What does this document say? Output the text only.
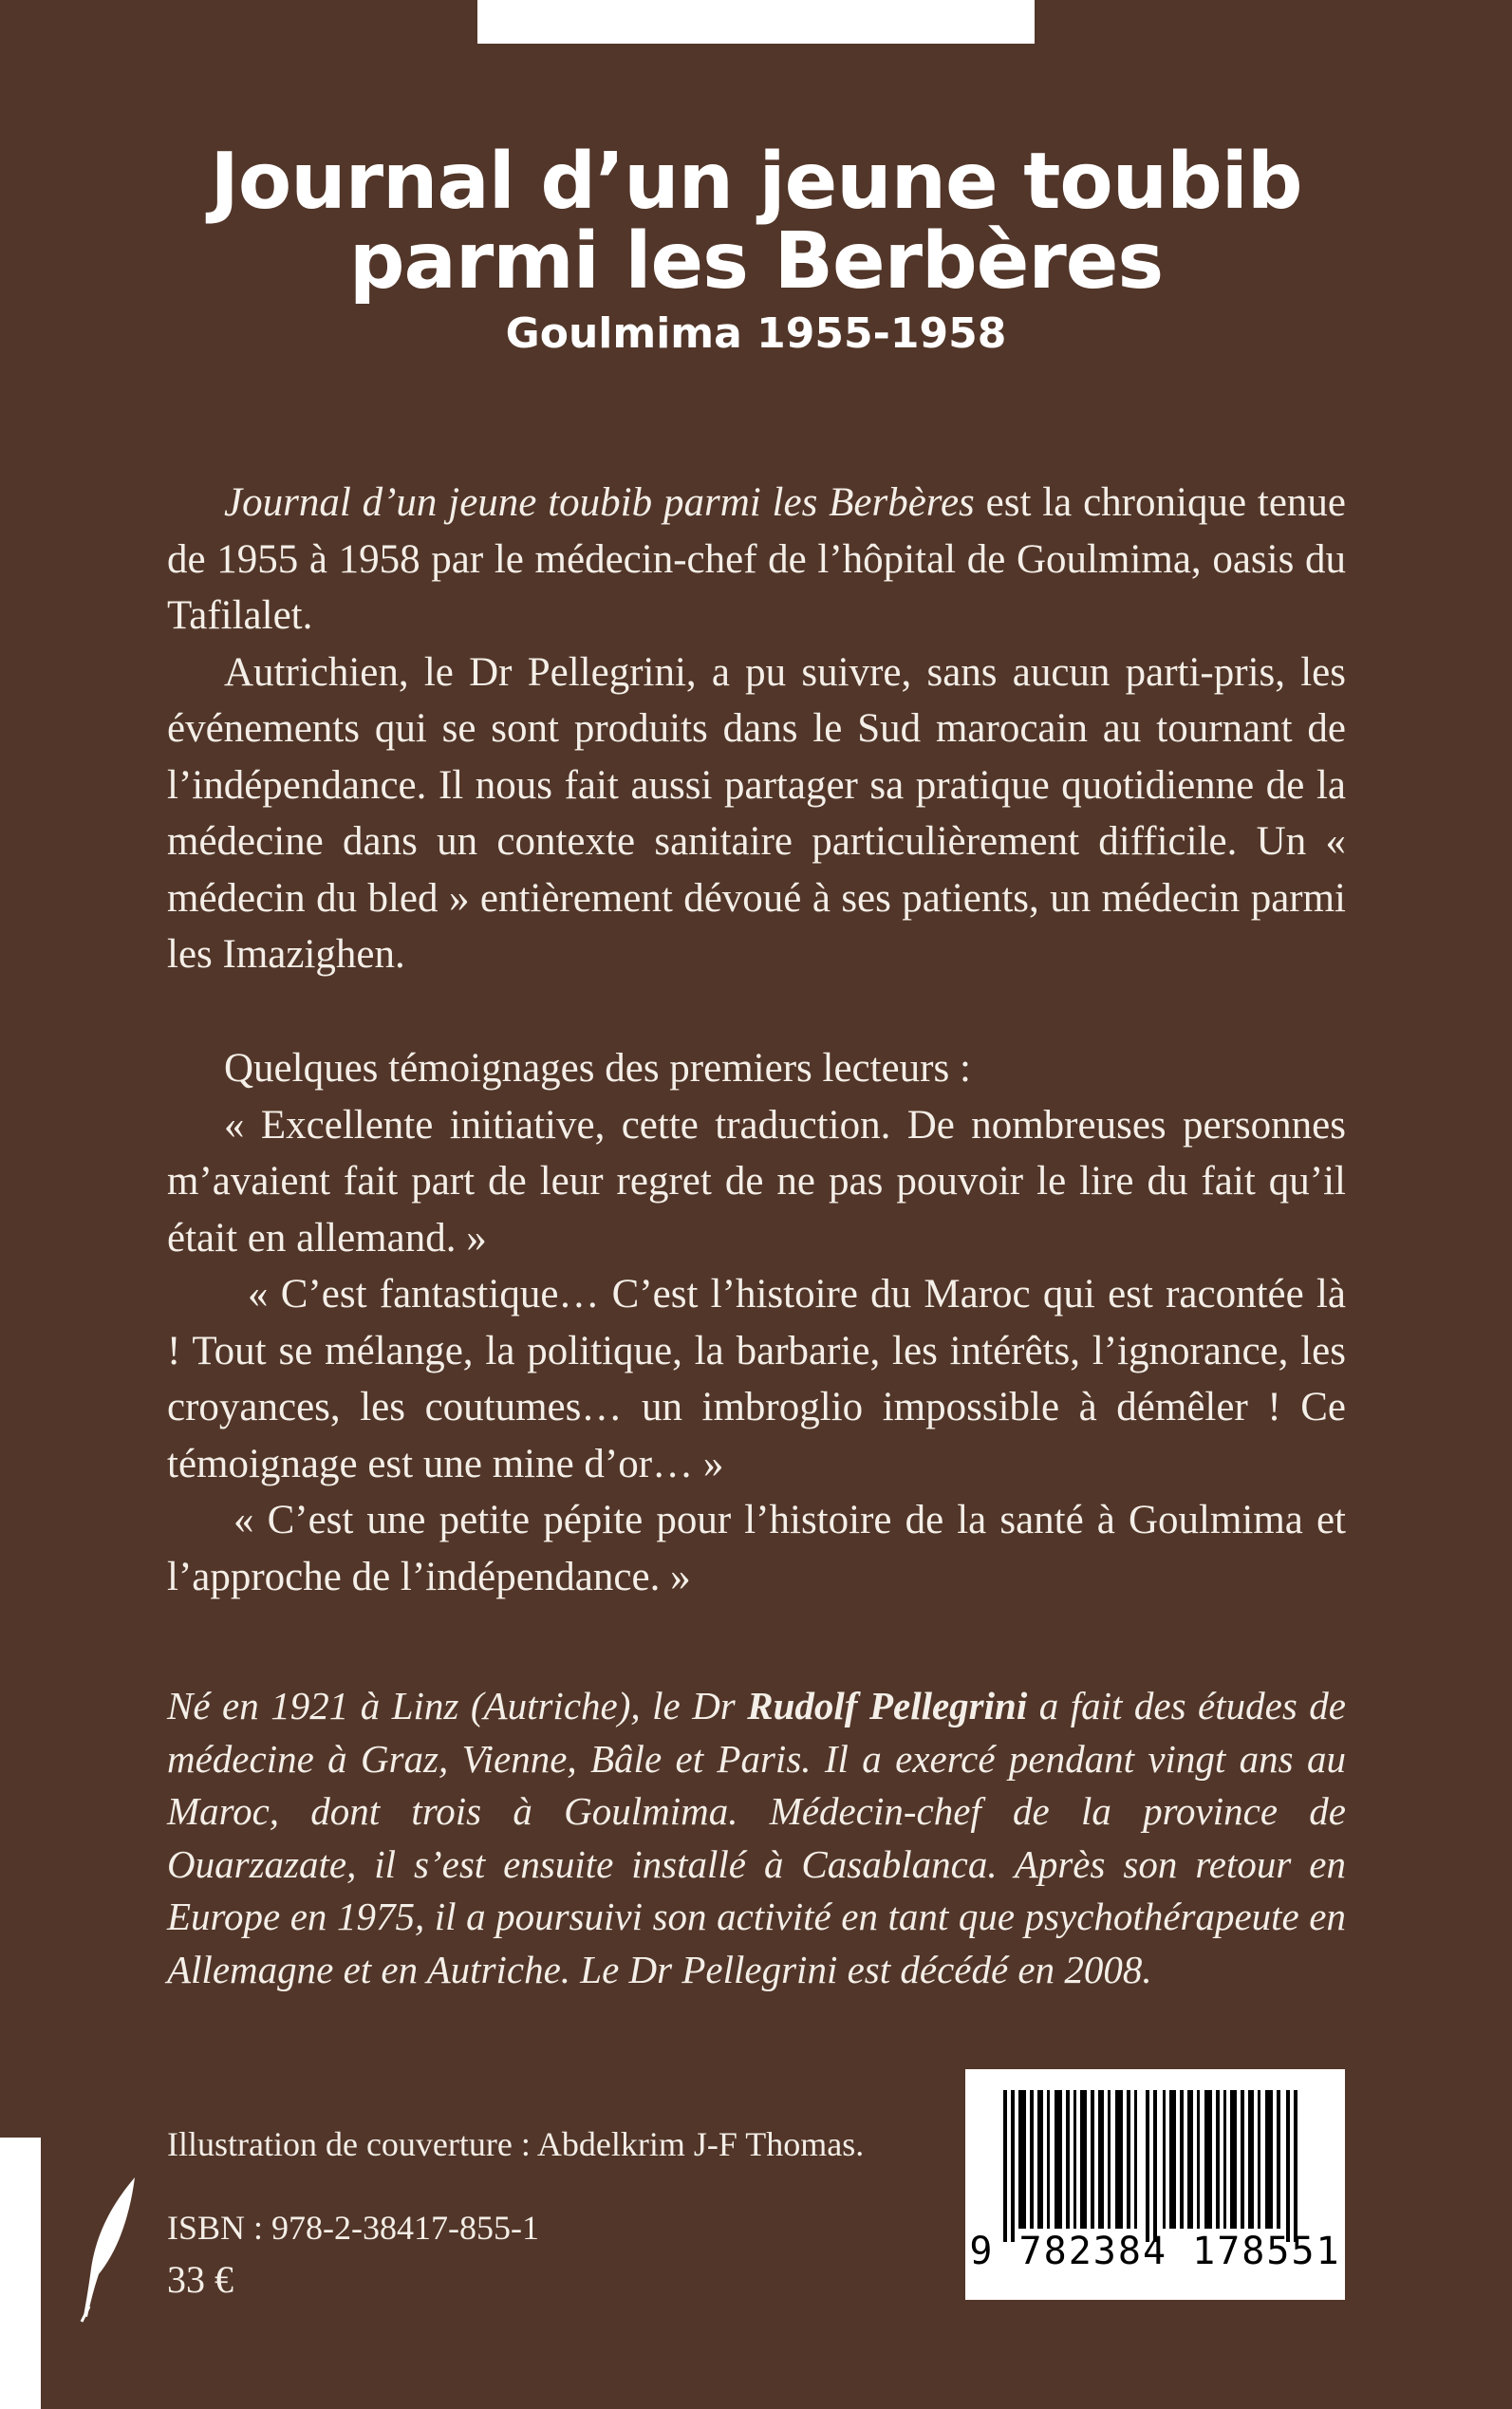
Journal d’un jeune toubib
parmi les Berbères
Goulmima 1955-1958

Journal d’un jeune toubib parmi les Berbères est la chronique tenue de 1955 à 1958 par le médecin-chef de l’hôpital de Goulmima, oasis du Tafilalet.

Autrichien, le Dr Pellegrini, a pu suivre, sans aucun parti-pris, les événements qui se sont produits dans le Sud marocain au tournant de l’indépendance. Il nous fait aussi partager sa pratique quotidienne de la médecine dans un contexte sanitaire particulièrement difficile. Un « médecin du bled » entièrement dévoué à ses patients, un médecin parmi les Imazighen.

Quelques témoignages des premiers lecteurs :

« Excellente initiative, cette traduction. De nombreuses personnes m’avaient fait part de leur regret de ne pas pouvoir le lire du fait qu’il était en allemand. »

« C’est fantastique… C’est l’histoire du Maroc qui est racontée là ! Tout se mélange, la politique, la barbarie, les intérêts, l’ignorance, les croyances, les coutumes… un imbroglio impossible à démêler ! Ce témoignage est une mine d’or… »

« C’est une petite pépite pour l’histoire de la santé à Goulmima et l’approche de l’indépendance. »

Né en 1921 à Linz (Autriche), le Dr Rudolf Pellegrini a fait des études de médecine à Graz, Vienne, Bâle et Paris. Il a exercé pendant vingt ans au Maroc, dont trois à Goulmima. Médecin-chef de la province de Ouarzazate, il s’est ensuite installé à Casablanca. Après son retour en Europe en 1975, il a poursuivi son activité en tant que psychothérapeute en Allemagne et en Autriche. Le Dr Pellegrini est décédé en 2008.
Illustration de couverture : Abdelkrim J-F Thomas.
ISBN : 978-2-38417-855-1
33 €
9 782384 178551
